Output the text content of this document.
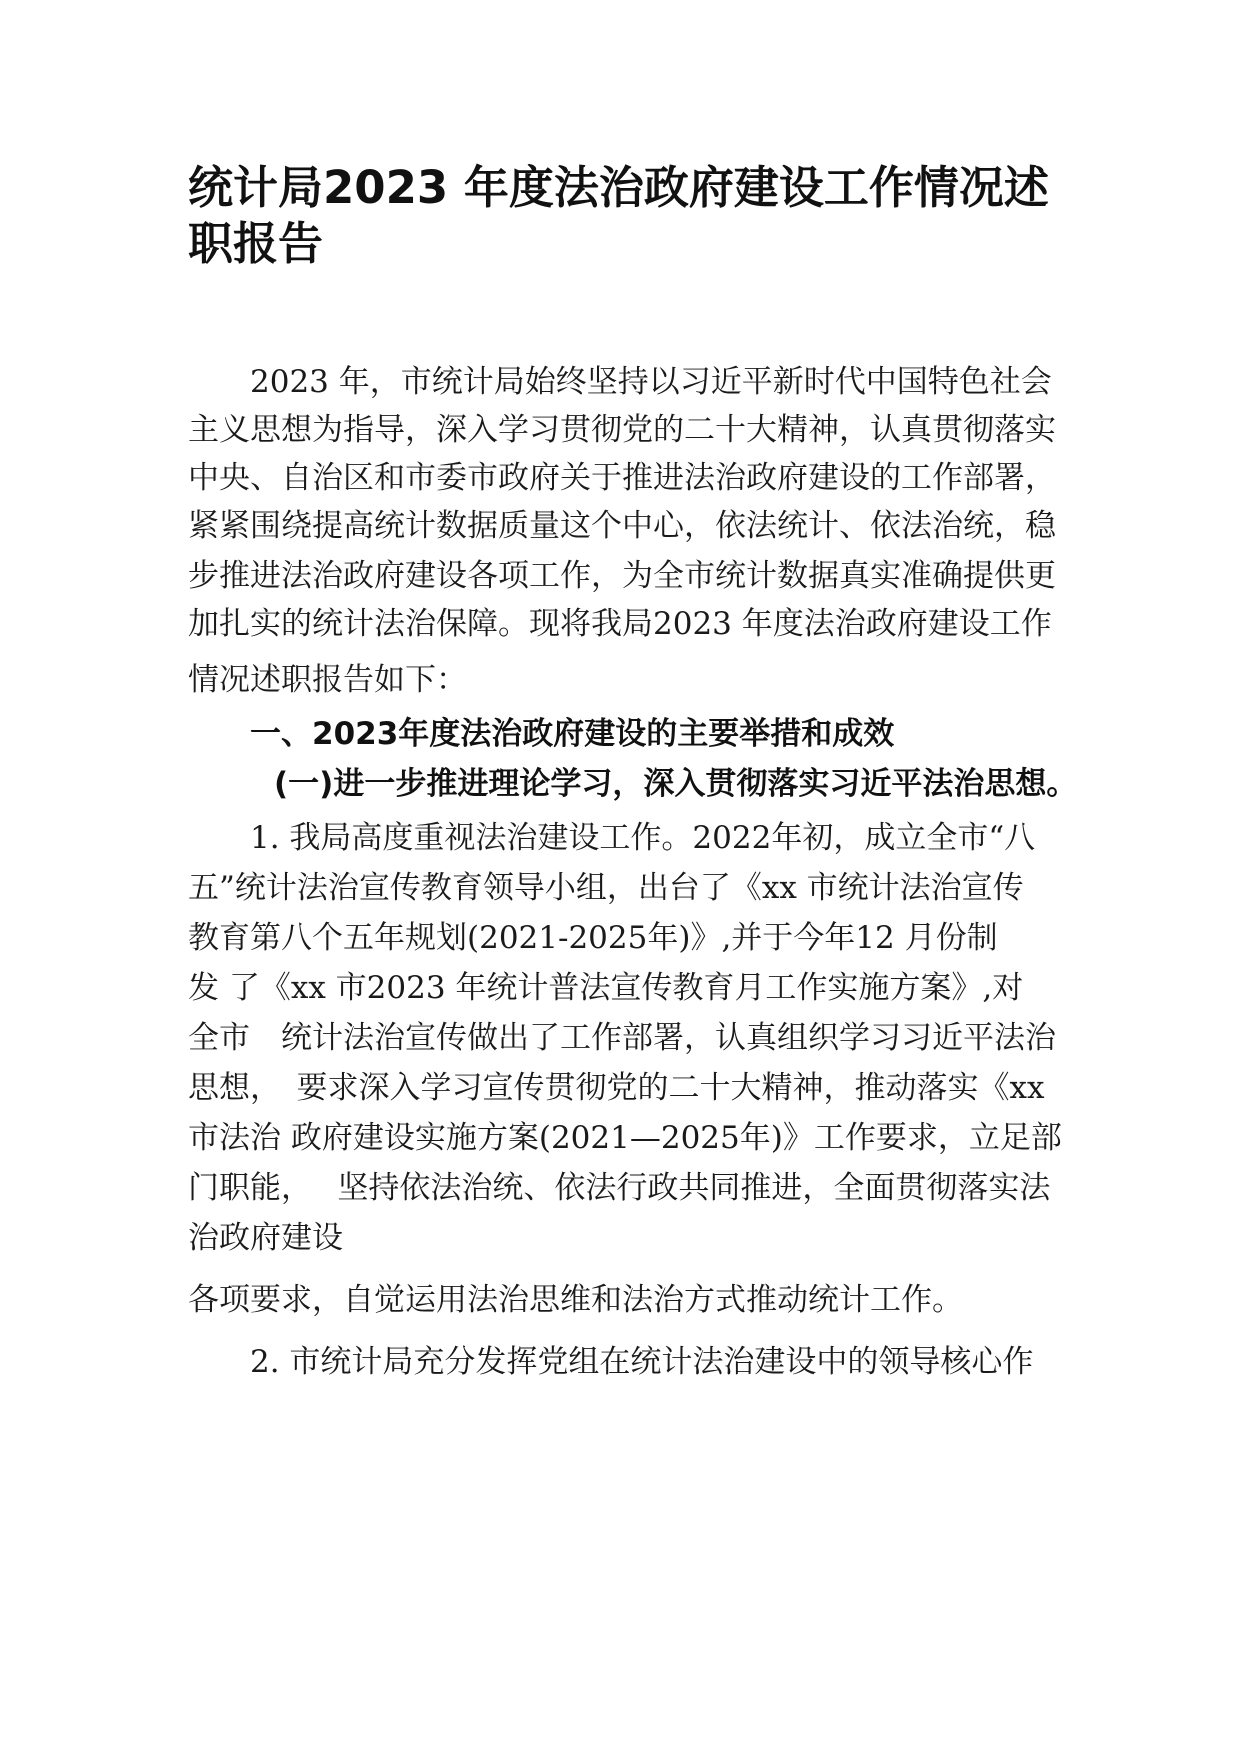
统计局2023 年度法治政府建设工作情况述职报告
2023 年，市统计局始终坚持以习近平新时代中国特色社会
主义思想为指导，深入学习贯彻党的二十大精神，认真贯彻落实
中央、自治区和市委市政府关于推进法治政府建设的工作部署，
紧紧围绕提高统计数据质量这个中心，依法统计、依法治统，稳
步推进法治政府建设各项工作，为全市统计数据真实准确提供更
加扎实的统计法治保障。现将我局2023 年度法治政府建设工作
情况述职报告如下：
一、2023年度法治政府建设的主要举措和成效
(一)进一步推进理论学习，深入贯彻落实习近平法治思想。
1. 我局高度重视法治建设工作。2022年初，成立全市“八
五”统计法治宣传教育领导小组，出台了《xx 市统计法治宣传
教育第八个五年规划(2021-2025年)》,并于今年12 月份制
发 了《xx 市2023 年统计普法宣传教育月工作实施方案》,对
全市　统计法治宣传做出了工作部署，认真组织学习习近平法治
思想，　要求深入学习宣传贯彻党的二十大精神，推动落实《xx
市法治 政府建设实施方案(2021—2025年)》工作要求，立足部
门职能，　 坚持依法治统、依法行政共同推进，全面贯彻落实法
治政府建设
各项要求，自觉运用法治思维和法治方式推动统计工作。
2. 市统计局充分发挥党组在统计法治建设中的领导核心作
